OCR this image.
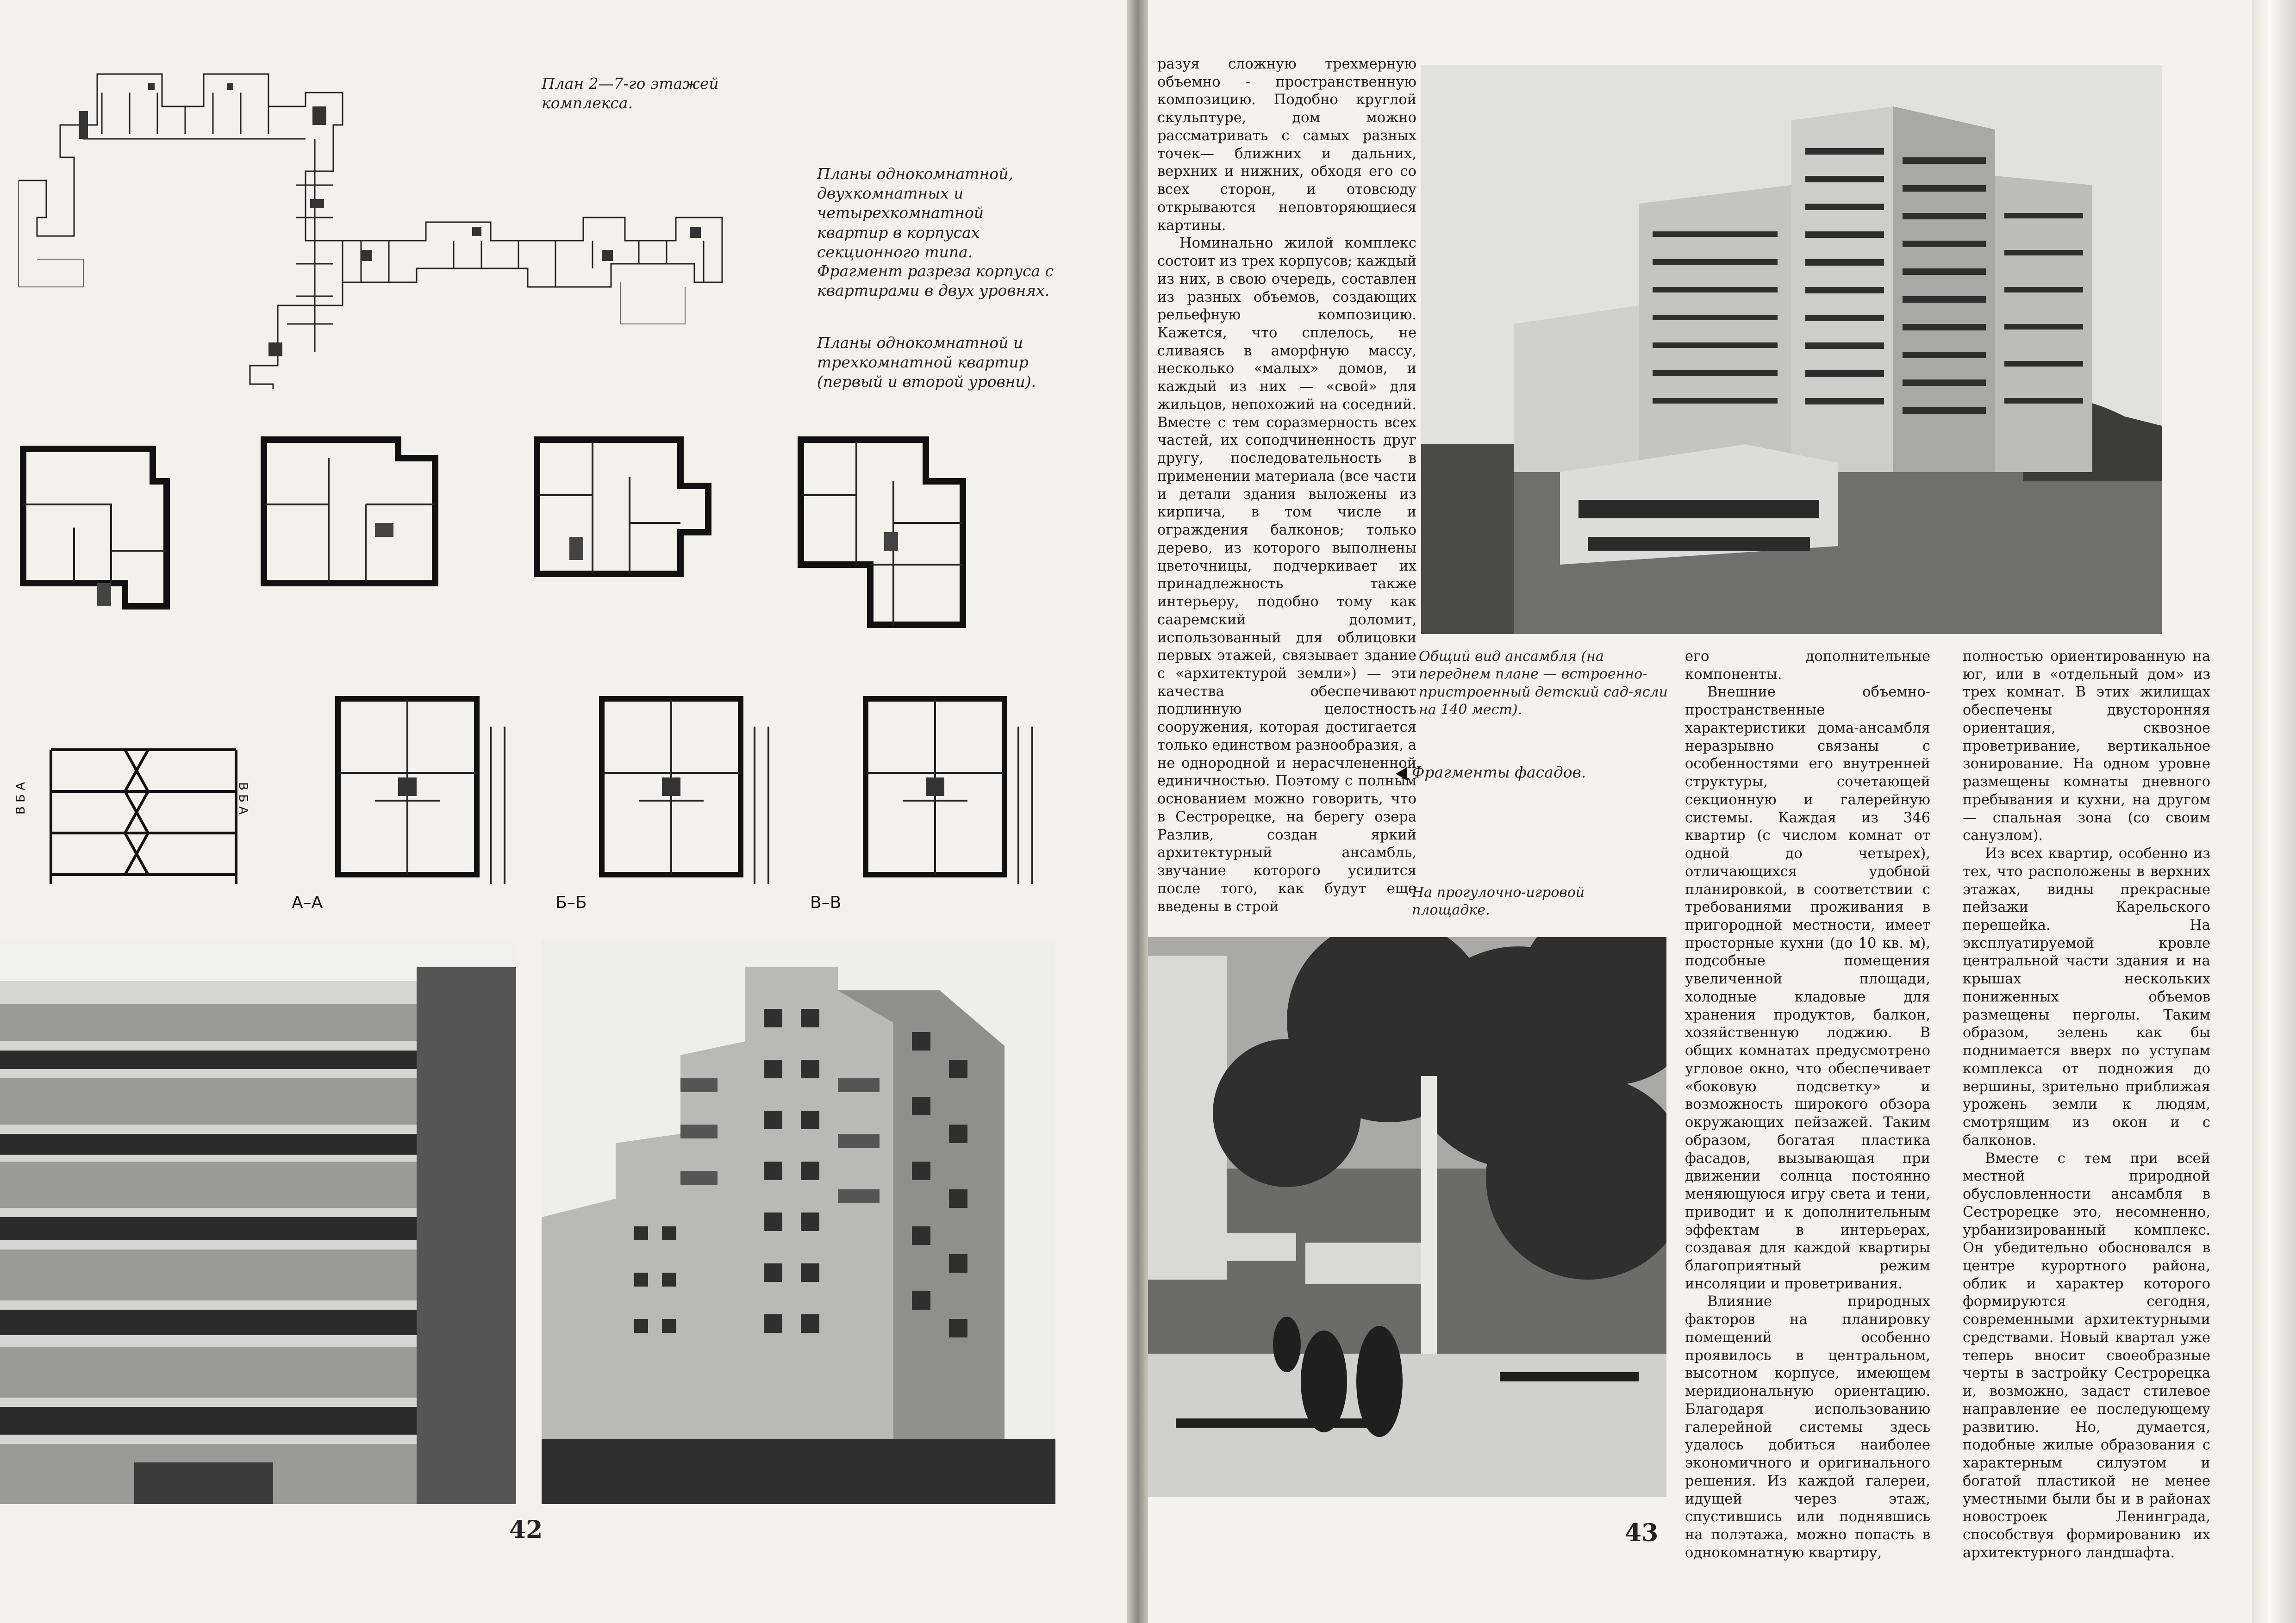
План 2—7-го этажей комплекса.

Планы однокомнатной, двухкомнатных и четырехкомнатной квартир в корпусах секционного типа.

Фрагмент разреза корпуса с квартирами в двух уровнях.

Планы однокомнатной и трехкомнатной квартир (первый и второй уровни).

В Б А	В Б А
А–А	Б–Б	В–В
42

разуя сложную трехмерную объемно - пространственную композицию. Подобно круглой скульптуре, дом можно рассматривать с самых разных точек— ближних и дальних, верхних и нижних, обходя его со всех сторон, и отовсюду открываются неповторяющиеся картины.

Номинально жилой комплекс состоит из трех корпусов; каждый из них, в свою очередь, составлен из разных объемов, создающих рельефную композицию. Кажется, что сплелось, не сливаясь в аморфную массу, несколько «малых» домов, и каждый из них — «свой» для жильцов, непохожий на соседний. Вместе с тем соразмерность всех частей, их соподчиненность друг другу, последовательность в применении материала (все части и детали здания выложены из кирпича, в том числе и ограждения балконов; только дерево, из которого выполнены цветочницы, подчеркивает их принадлежность также интерьеру, подобно тому как сааремский доломит, использованный для облицовки первых этажей, связывает здание с «архитектурой земли») — эти качества обеспечивают подлинную целостность сооружения, которая достигается только единством разнообразия, а не однородной и нерасчлененной единичностью. Поэтому с полным основанием можно говорить, что в Сестрорецке, на берегу озера Разлив, создан яркий архитектурный ансамбль, звучание которого усилится после того, как будут еще введены в строй

Общий вид ансамбля (на переднем плане — встроенно-пристроенный детский сад-ясли на 140 мест).

Фрагменты фасадов.

На прогулочно-игровой площадке.

его дополнительные компоненты.

Внешние объемно-пространственные характеристики дома-ансамбля неразрывно связаны с особенностями его внутренней структуры, сочетающей секционную и галерейную системы. Каждая из 346 квартир (с числом комнат от одной до четырех), отличающихся удобной планировкой, в соответствии с требованиями проживания в пригородной местности, имеет просторные кухни (до 10 кв. м), подсобные помещения увеличенной площади, холодные кладовые для хранения продуктов, балкон, хозяйственную лоджию. В общих комнатах предусмотрено угловое окно, что обеспечивает «боковую подсветку» и возможность широкого обзора окружающих пейзажей. Таким образом, богатая пластика фасадов, вызывающая при движении солнца постоянно меняющуюся игру света и тени, приводит и к дополнительным эффектам в интерьерах, создавая для каждой квартиры благоприятный режим инсоляции и проветривания.

Влияние природных факторов на планировку помещений особенно проявилось в центральном, высотном корпусе, имеющем меридиональную ориентацию. Благодаря использованию галерейной системы здесь удалось добиться наиболее экономичного и оригинального решения. Из каждой галереи, идущей через этаж, спустившись или поднявшись на полэтажа, можно попасть в однокомнатную квартиру,

полностью ориентированную на юг, или в «отдельный дом» из трех комнат. В этих жилищах обеспечены двусторонняя ориентация, сквозное проветривание, вертикальное зонирование. На одном уровне размещены комнаты дневного пребывания и кухни, на другом — спальная зона (со своим санузлом).

Из всех квартир, особенно из тех, что расположены в верхних этажах, видны прекрасные пейзажи Карельского перешейка. На эксплуатируемой кровле центральной части здания и на крышах нескольких пониженных объемов размещены перголы. Таким образом, зелень как бы поднимается вверх по уступам комплекса от подножия до вершины, зрительно приближая урожень земли к людям, смотрящим из окон и с балконов.

Вместе с тем при всей местной природной обусловленности ансамбля в Сестрорецке это, несомненно, урбанизированный комплекс. Он убедительно обосновался в центре курортного района, облик и характер которого формируются сегодня, современными архитектурными средствами. Новый квартал уже теперь вносит своеобразные черты в застройку Сестрорецка и, возможно, задаст стилевое направление ее последующему развитию. Но, думается, подобные жилые образования с характерным силуэтом и богатой пластикой не менее уместными были бы и в районах новостроек Ленинграда, способствуя формированию их архитектурного ландшафта.

43
